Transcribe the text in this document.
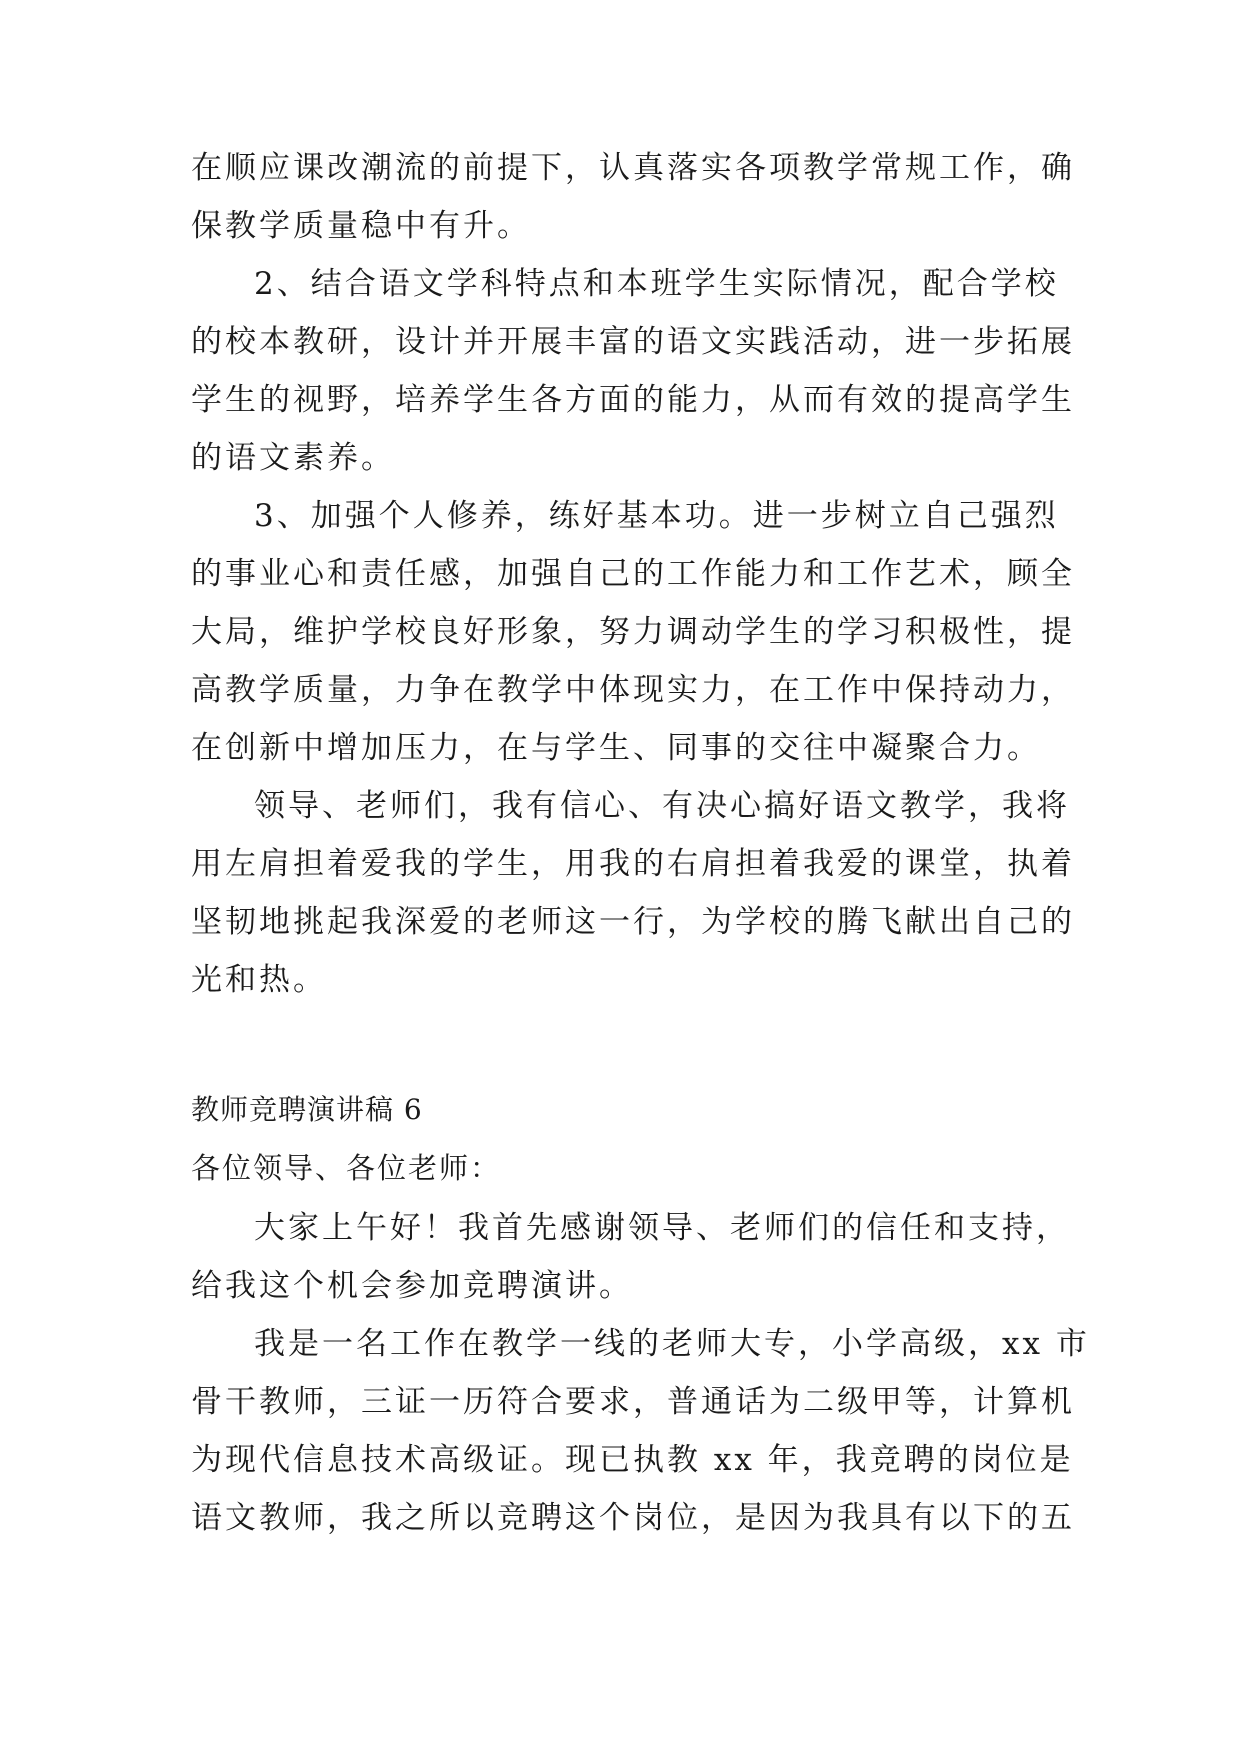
在顺应课改潮流的前提下，认真落实各项教学常规工作，确
保教学质量稳中有升。
2、结合语文学科特点和本班学生实际情况，配合学校
的校本教研，设计并开展丰富的语文实践活动，进一步拓展
学生的视野，培养学生各方面的能力，从而有效的提高学生
的语文素养。
3、加强个人修养，练好基本功。进一步树立自己强烈
的事业心和责任感，加强自己的工作能力和工作艺术，顾全
大局，维护学校良好形象，努力调动学生的学习积极性，提
高教学质量，力争在教学中体现实力，在工作中保持动力，
在创新中增加压力，在与学生、同事的交往中凝聚合力。
领导、老师们，我有信心、有决心搞好语文教学，我将
用左肩担着爱我的学生，用我的右肩担着我爱的课堂，执着
坚韧地挑起我深爱的老师这一行，为学校的腾飞献出自己的
光和热。
教师竞聘演讲稿 6
各位领导、各位老师：
大家上午好！我首先感谢领导、老师们的信任和支持，
给我这个机会参加竞聘演讲。
我是一名工作在教学一线的老师大专，小学高级，xx 市
骨干教师，三证一历符合要求，普通话为二级甲等，计算机
为现代信息技术高级证。现已执教 xx 年，我竞聘的岗位是
语文教师，我之所以竞聘这个岗位，是因为我具有以下的五
